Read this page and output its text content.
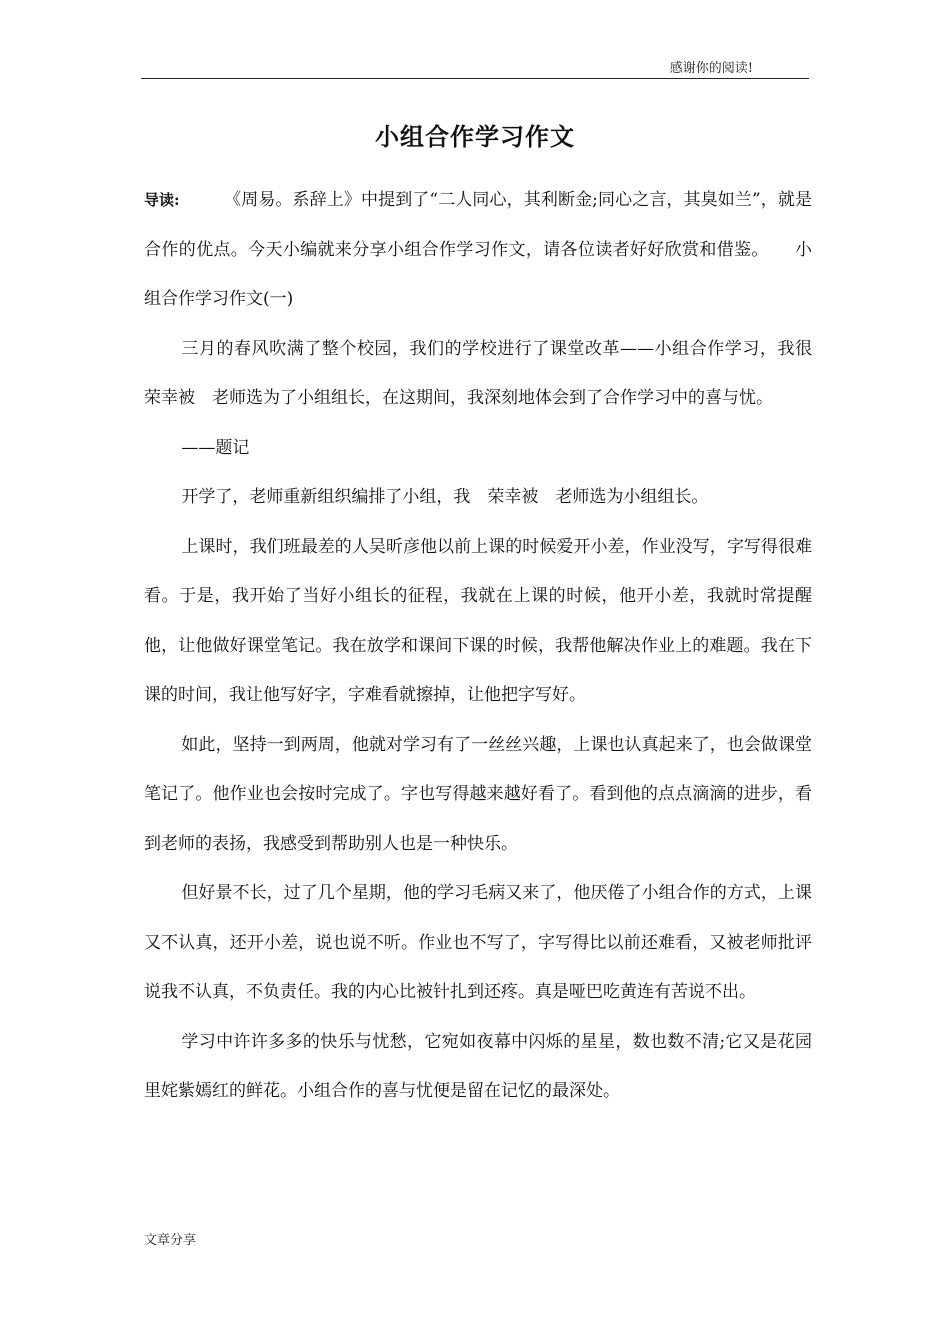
感谢你的阅读!
小组合作学习作文

导读:	《周易。系辞上》中提到了“二人同心，其利断金;同心之言，其臭如兰”，就是合作的优点。今天小编就来分享小组合作学习作文，请各位读者好好欣赏和借鉴。　　小组合作学习作文(一)

三月的春风吹满了整个校园，我们的学校进行了课堂改革——小组合作学习，我很　荣幸被　老师选为了小组组长，在这期间，我深刻地体会到了合作学习中的喜与忧。

——题记

开学了，老师重新组织编排了小组，我　荣幸被　老师选为小组组长。

上课时，我们班最差的人吴昕彦他以前上课的时候爱开小差，作业没写，字写得很难看。于是，我开始了当好小组长的征程，我就在上课的时候，他开小差，我就时常提醒他，让他做好课堂笔记。我在放学和课间下课的时候，我帮他解决作业上的难题。我在下课的时间，我让他写好字，字难看就擦掉，让他把字写好。

如此，坚持一到两周，他就对学习有了一丝丝兴趣，上课也认真起来了，也会做课堂笔记了。他作业也会按时完成了。字也写得越来越好看了。看到他的点点滴滴的进步，看到老师的表扬，我感受到帮助别人也是一种快乐。

但好景不长，过了几个星期，他的学习毛病又来了，他厌倦了小组合作的方式，上课又不认真，还开小差，说也说不听。作业也不写了，字写得比以前还难看，又被老师批评说我不认真，不负责任。我的内心比被针扎到还疼。真是哑巴吃黄连有苦说不出。

学习中许许多多的快乐与忧愁，它宛如夜幕中闪烁的星星，数也数不清;它又是花园里姹紫嫣红的鲜花。小组合作的喜与忧便是留在记忆的最深处。

文章分享
